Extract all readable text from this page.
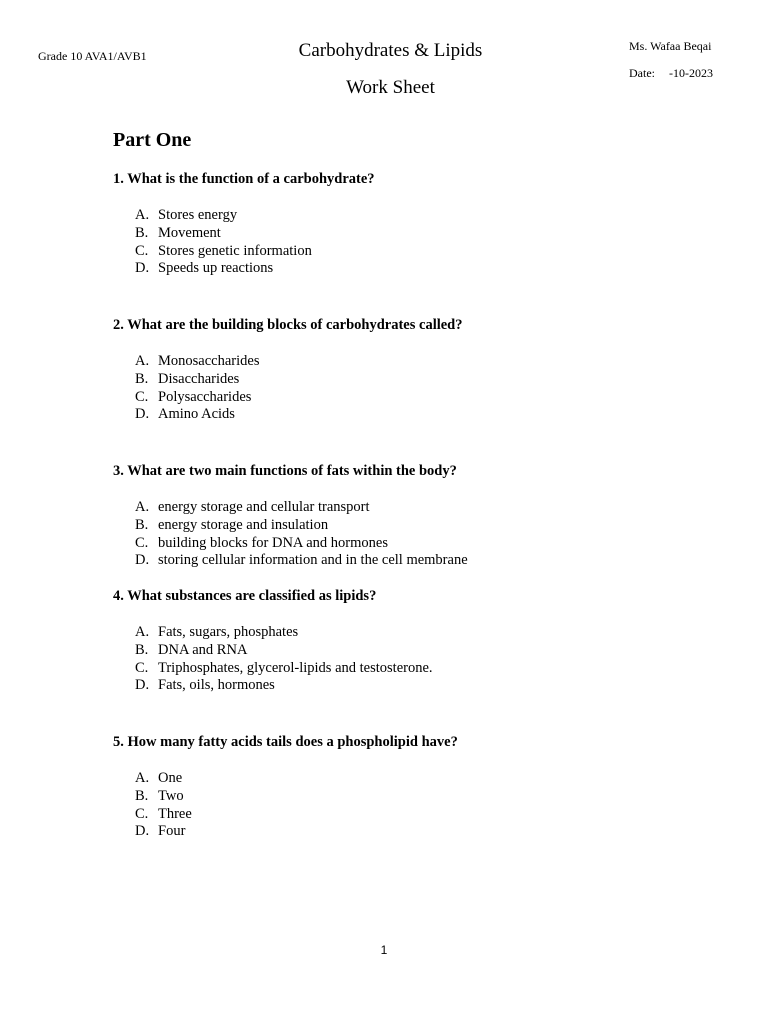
Grade 10 AVA1/AVB1	Carbohydrates & Lipids
Work Sheet
Ms. Wafaa Beqai
Date: -10-2023
Part One
1. What is the function of a carbohydrate?
A. Stores energy
B. Movement
C. Stores genetic information
D. Speeds up reactions
2. What are the building blocks of carbohydrates called?
A. Monosaccharides
B. Disaccharides
C. Polysaccharides
D. Amino Acids
3. What are two main functions of fats within the body?
A. energy storage and cellular transport
B. energy storage and insulation
C. building blocks for DNA and hormones
D. storing cellular information and in the cell membrane
4. What substances are classified as lipids?
A. Fats, sugars, phosphates
B. DNA and RNA
C. Triphosphates, glycerol-lipids and testosterone.
D. Fats, oils, hormones
5. How many fatty acids tails does a phospholipid have?
A. One
B. Two
C. Three
D. Four
1
